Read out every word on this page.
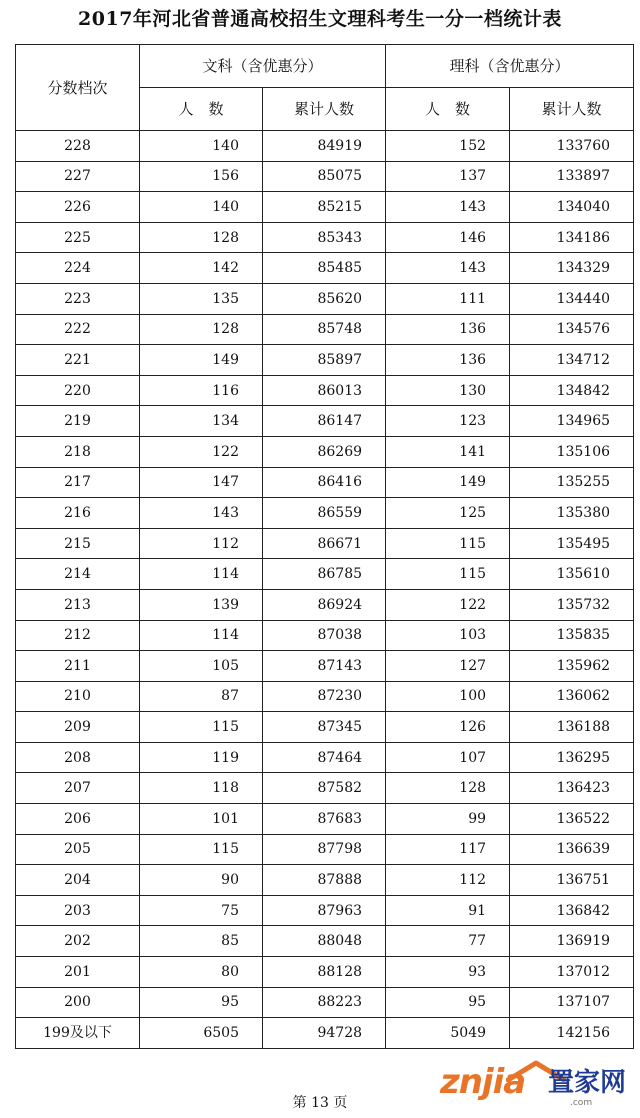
2017年河北省普通高校招生文理科考生一分一档统计表
分数档次	文科（含优惠分）		理科（含优惠分）	
	人　数	累计人数	人　数	累计人数
228	140	84919	152	133760
227	156	85075	137	133897
226	140	85215	143	134040
225	128	85343	146	134186
224	142	85485	143	134329
223	135	85620	111	134440
222	128	85748	136	134576
221	149	85897	136	134712
220	116	86013	130	134842
219	134	86147	123	134965
218	122	86269	141	135106
217	147	86416	149	135255
216	143	86559	125	135380
215	112	86671	115	135495
214	114	86785	115	135610
213	139	86924	122	135732
212	114	87038	103	135835
211	105	87143	127	135962
210	87	87230	100	136062
209	115	87345	126	136188
208	119	87464	107	136295
207	118	87582	128	136423
206	101	87683	99	136522
205	115	87798	117	136639
204	90	87888	112	136751
203	75	87963	91	136842
202	85	88048	77	136919
201	80	88128	93	137012
200	95	88223	95	137107
199及以下	6505	94728	5049	142156
第 13 页
znjia 置家网
.com
